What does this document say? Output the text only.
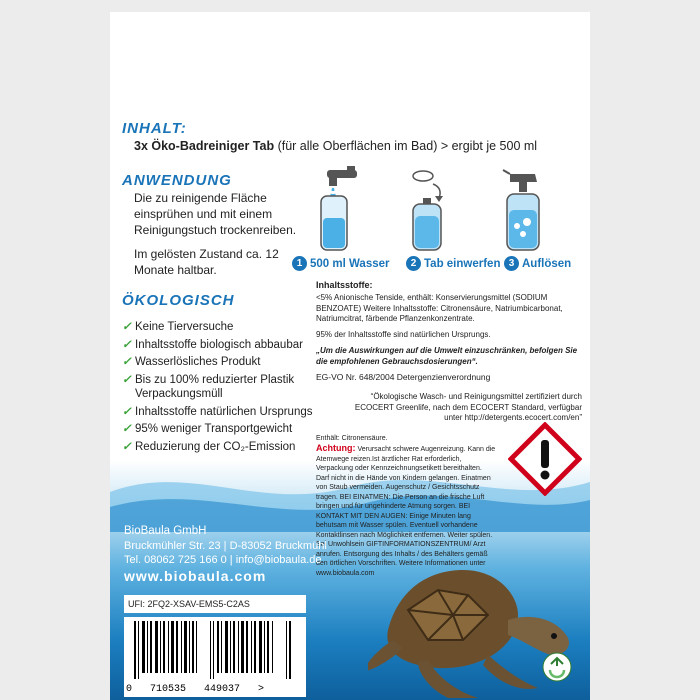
INHALT:
3x Öko-Badreiniger Tab (für alle Oberflächen im Bad) > ergibt je 500 ml
ANWENDUNG
Die zu reinigende Fläche einsprühen und mit einem Reinigungstuch trockenreiben.
Im gelösten Zustand ca. 12 Monate haltbar.	1 500 ml Wasser	2 Tab einwerfen 3 Auflösen
ÖKOLOGISCH
✓ Keine Tierversuche
✓ Inhaltsstoffe biologisch abbaubar
✓ Wasserlösliches Produkt
✓ Bis zu 100% reduzierter Plastik Verpackungsmüll
✓ Inhaltsstoffe natürlichen Ursprungs
✓ 95% weniger Transportgewicht
✓ Reduzierung der CO₂-Emission
Inhaltsstoffe:
<5% Anionische Tenside, enthält: Konservierungsmittel (SODIUM BENZOATE) Weitere Inhaltsstoffe: Citronensäure, Natriumbicarbonat, Natriumcitrat, färbende Pflanzenkonzentrate.
95% der Inhaltsstoffe sind natürlichen Ursprungs.
„Um die Auswirkungen auf die Umwelt einzuschränken, befolgen Sie die empfohlenen Gebrauchsdosierungen“.
EG-VO Nr. 648/2004 Detergenzienverordnung
“Ökologische Wasch- und Reinigungsmittel zertifiziert durch ECOCERT Greenlife, nach dem ECOCERT Standard, verfügbar unter http://detergents.ecocert.com/en”
Enthält: Citronensäure.
Achtung: Verursacht schwere Augenreizung. Kann die Atemwege reizen.Ist ärztlicher Rat erforderlich, Verpackung oder Kennzeichnungsetikett bereithalten. Darf nicht in die Hände von Kindern gelangen. Einatmen von Staub vermeiden. Augenschutz / Gesichtsschutz tragen. BEI EINATMEN: Die Person an die frische Luft bringen und für ungehinderte Atmung sorgen. BEI KONTAKT MIT DEN AUGEN: Einige Minuten lang behutsam mit Wasser spülen. Eventuell vorhandene Kontaktlinsen nach Möglichkeit entfernen. Weiter spülen. Bei Unwohlsein GIFTINFORMATIONSZENTRUM/ Arzt anrufen. Entsorgung des Inhalts / des Behälters gemäß den örtlichen Vorschriften. Weitere Informationen unter www.biobaula.com
BioBaula GmbH
Bruckmühler Str. 23 | D-83052 Bruckmühl
Tel. 08062 725 166 0 | info@biobaula.de
www.biobaula.com
UFI: 2FQ2-XSAV-EMS5-C2AS
0   710535   449037   >
